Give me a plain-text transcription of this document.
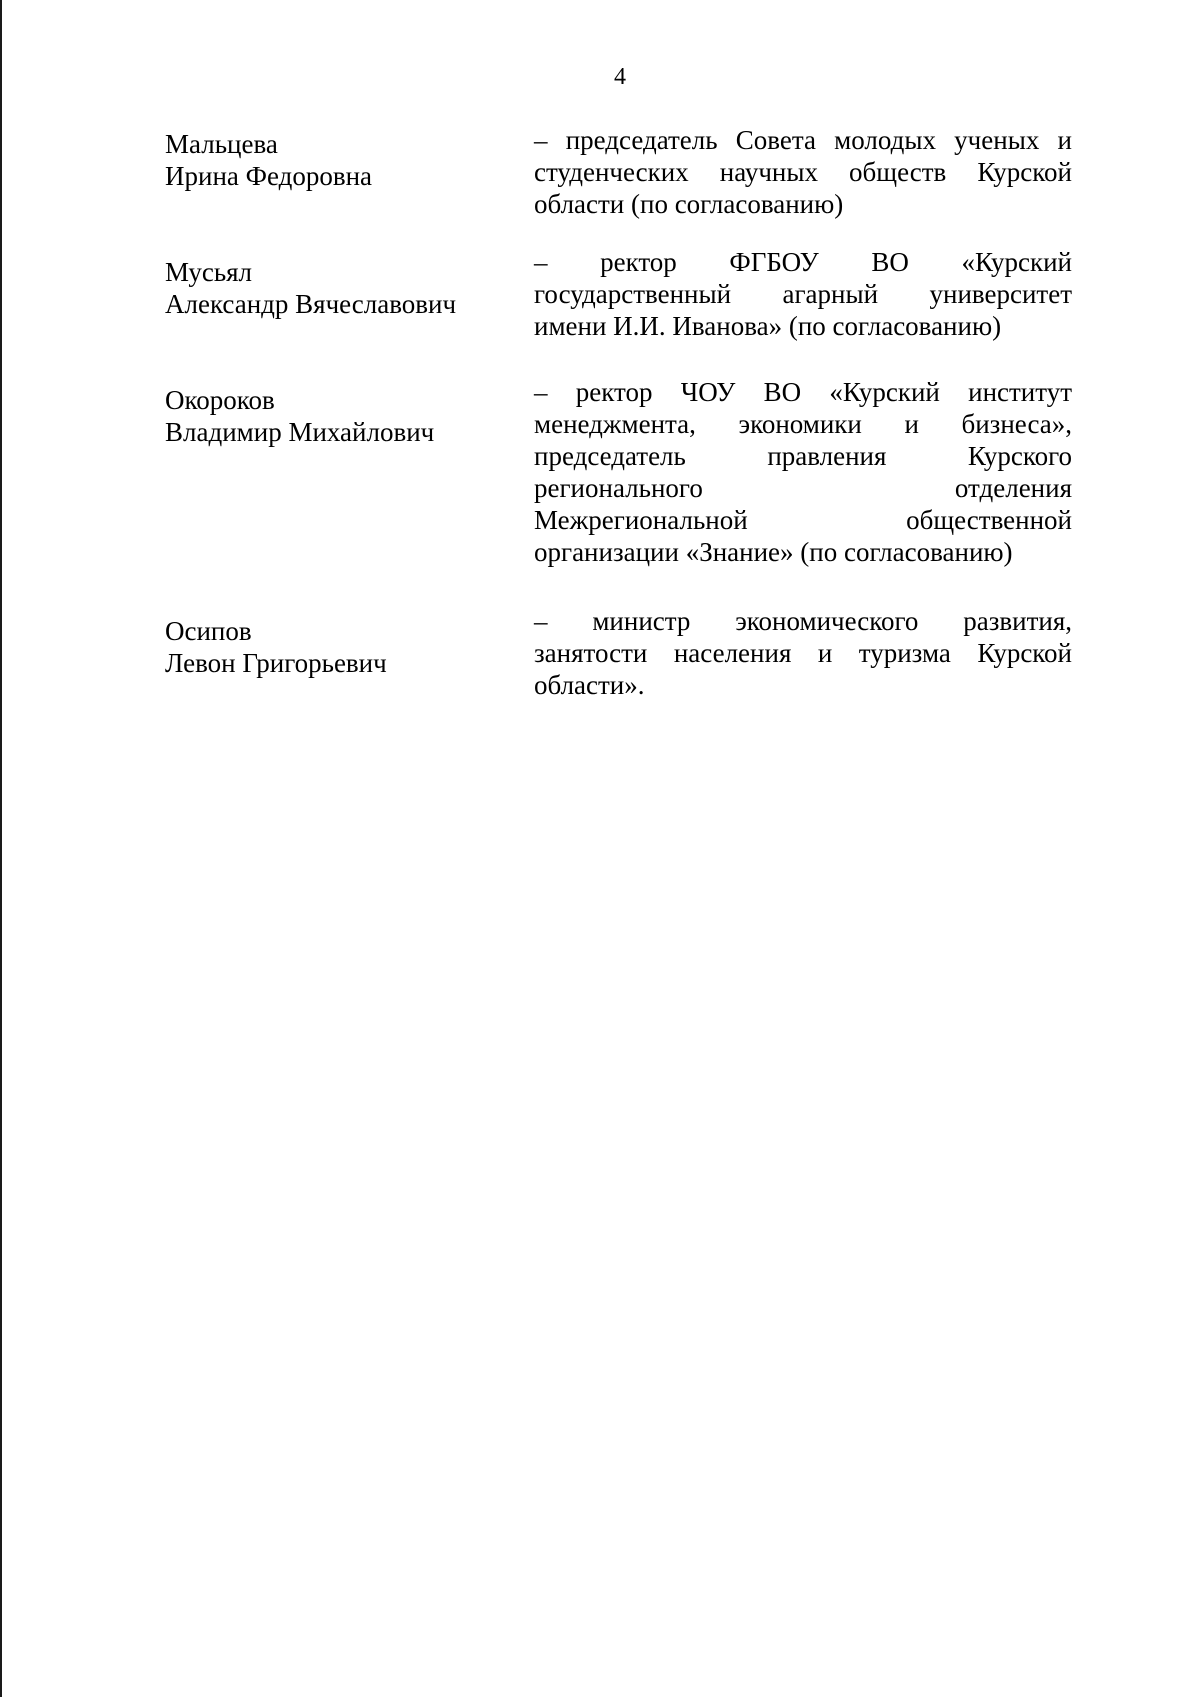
4
Мальцева
Ирина Федоровна
– председатель Совета молодых ученых и
студенческих научных обществ Курской
области (по согласованию)
Мусьял
Александр Вячеславович
– ректор ФГБОУ ВО «Курский
государственный агарный университет
имени И.И. Иванова» (по согласованию)
Окороков
Владимир Михайлович
– ректор ЧОУ ВО «Курский институт
менеджмента, экономики и бизнеса»,
председатель правления Курского
регионального отделения
Межрегиональной общественной
организации «Знание» (по согласованию)
Осипов
Левон Григорьевич
– министр экономического развития,
занятости населения и туризма Курской
области».
